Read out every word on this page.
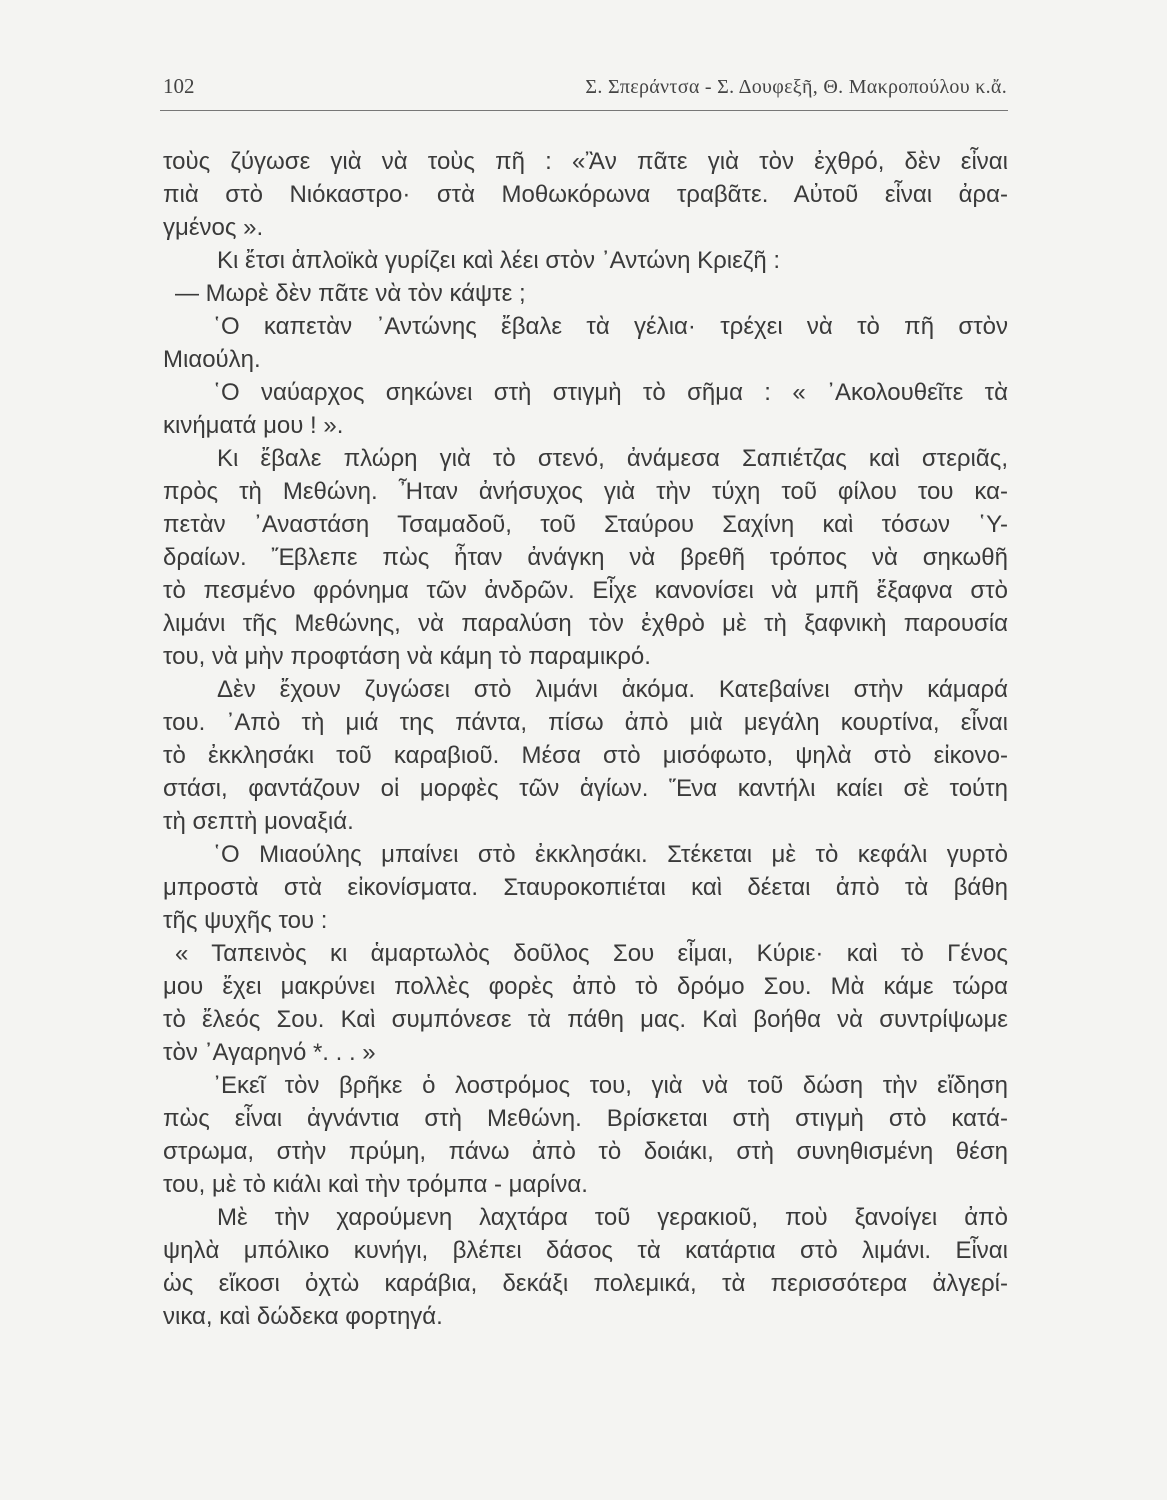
102	Σ. Σπεράντσα - Σ. Δουφεξῆ, Θ. Μακροπούλου κ.ἄ.
τοὺς ζύγωσε γιὰ νὰ τοὺς πῆ : «Ἂν πᾶτε γιὰ τὸν ἐχθρό, δὲν εἶναι
πιὰ στὸ Νιόκαστρο· στὰ Μοθωκόρωνα τραβᾶτε. Αὐτοῦ εἶναι ἀρα-
γμένος ».
Κι ἔτσι ἁπλοϊκὰ γυρίζει καὶ λέει στὸν ᾽Αντώνη Κριεζῆ :
— Μωρὲ δὲν πᾶτε νὰ τὸν κάψτε ;
῾Ο καπετὰν ᾽Αντώνης ἔβαλε τὰ γέλια· τρέχει νὰ τὸ πῆ στὸν
Μιαούλη.
῾Ο ναύαρχος σηκώνει στὴ στιγμὴ τὸ σῆμα : « ᾽Ακολουθεῖτε τὰ
κινήματά μου ! ».
Κι ἔβαλε πλώρη γιὰ τὸ στενό, ἀνάμεσα Σαπιέτζας καὶ στεριᾶς,
πρὸς τὴ Μεθώνη. Ἦταν ἀνήσυχος γιὰ τὴν τύχη τοῦ φίλου του κα-
πετὰν ᾽Αναστάση Τσαμαδοῦ, τοῦ Σταύρου Σαχίνη καὶ τόσων ῾Υ-
δραίων. Ἔβλεπε πὼς ἦταν ἀνάγκη νὰ βρεθῆ τρόπος νὰ σηκωθῆ
τὸ πεσμένο φρόνημα τῶν ἀνδρῶν. Εἶχε κανονίσει νὰ μπῆ ἔξαφνα στὸ
λιμάνι τῆς Μεθώνης, νὰ παραλύση τὸν ἐχθρὸ μὲ τὴ ξαφνικὴ παρουσία
του, νὰ μὴν προφτάση νὰ κάμη τὸ παραμικρό.
Δὲν ἔχουν ζυγώσει στὸ λιμάνι ἀκόμα. Κατεβαίνει στὴν κάμαρά
του. ᾽Απὸ τὴ μιά της πάντα, πίσω ἀπὸ μιὰ μεγάλη κουρτίνα, εἶναι
τὸ ἐκκλησάκι τοῦ καραβιοῦ. Μέσα στὸ μισόφωτο, ψηλὰ στὸ εἰκονο-
στάσι, φαντάζουν οἱ μορφὲς τῶν ἁγίων. Ἕνα καντήλι καίει σὲ τούτη
τὴ σεπτὴ μοναξιά.
῾Ο Μιαούλης μπαίνει στὸ ἐκκλησάκι. Στέκεται μὲ τὸ κεφάλι γυρτὸ
μπροστὰ στὰ εἰκονίσματα. Σταυροκοπιέται καὶ δέεται ἀπὸ τὰ βάθη
τῆς ψυχῆς του :
« Ταπεινὸς κι ἁμαρτωλὸς δοῦλος Σου εἶμαι, Κύριε· καὶ τὸ Γένος
μου ἔχει μακρύνει πολλὲς φορὲς ἀπὸ τὸ δρόμο Σου. Μὰ κάμε τώρα
τὸ ἔλεός Σου. Καὶ συμπόνεσε τὰ πάθη μας. Καὶ βοήθα νὰ συντρίψωμε
τὸν ᾽Αγαρηνό *. . . »
᾽Εκεῖ τὸν βρῆκε ὁ λοστρόμος του, γιὰ νὰ τοῦ δώση τὴν εἴδηση
πὼς εἶναι ἀγνάντια στὴ Μεθώνη. Βρίσκεται στὴ στιγμὴ στὸ κατά-
στρωμα, στὴν πρύμη, πάνω ἀπὸ τὸ δοιάκι, στὴ συνηθισμένη θέση
του, μὲ τὸ κιάλι καὶ τὴν τρόμπα - μαρίνα.
Μὲ τὴν χαρούμενη λαχτάρα τοῦ γερακιοῦ, ποὺ ξανοίγει ἀπὸ
ψηλὰ μπόλικο κυνήγι, βλέπει δάσος τὰ κατάρτια στὸ λιμάνι. Εἶναι
ὡς εἴκοσι ὀχτὼ καράβια, δεκάξι πολεμικά, τὰ περισσότερα ἀλγερί-
νικα, καὶ δώδεκα φορτηγά.
